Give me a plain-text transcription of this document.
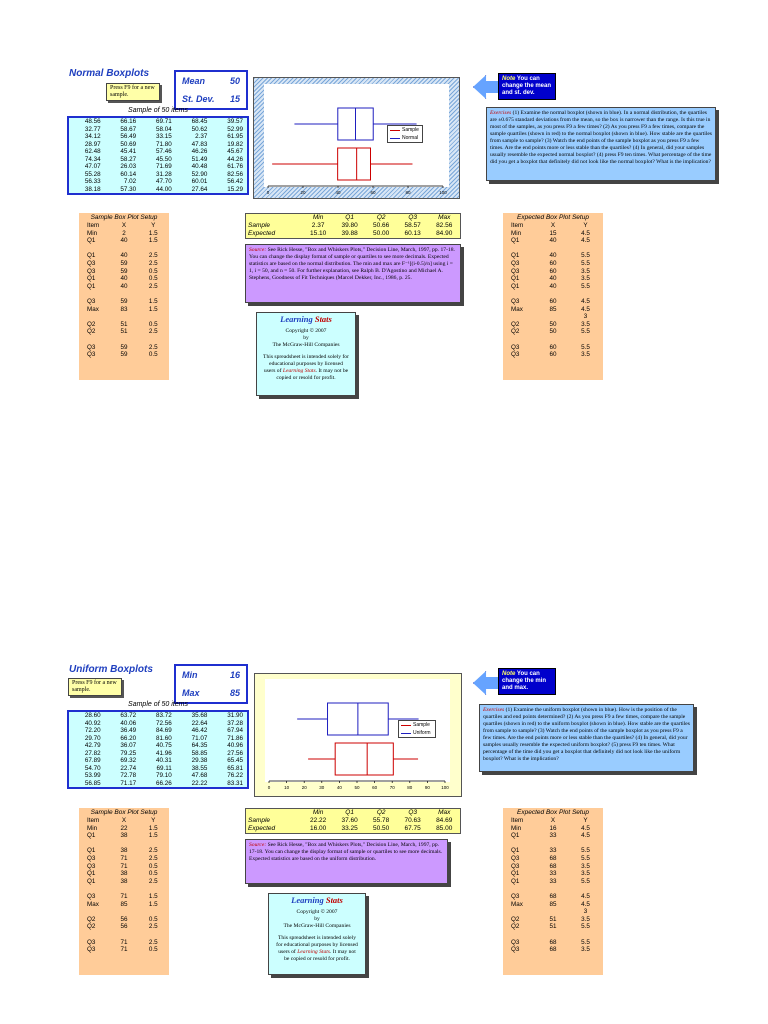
Normal Boxplots
Press F9 for a new sample.
Mean	50
St. Dev. 15
Sample of 50 items
48.56	66.16	69.71	68.45	39.57
32.77	58.67	58.04	50.62	52.99
34.12	56.49	33.15	2.37	61.95
28.97	50.69	71.80	47.83	19.82
62.48	45.41	57.46	46.26	45.67
74.34	58.27	45.50	51.49	44.26
47.07	26.03	71.69	40.48	61.76
55.28	60.14	31.28	52.90	82.56
56.33	7.02	47.70	60.01	56.42
38.18	57.30	44.00	27.64	15.29	0	20	40	60	80	100
Sample
Normal
Note You can change the mean and st. dev.
Exercises (1) Examine the normal boxplot (shown in blue). In a normal distribution, the quartiles are ±0.675 standard deviations from the mean, so the box is narrower than the range. Is this true in most of the samples, as you press F9 a few times? (2) As you press F9 a few times, compare the sample quartiles (shown in red) to the normal boxplot (shown in blue). How stable are the quartiles from sample to sample? (3) Watch the end points of the sample boxplot as you press F9 a few times. Are the end points more or less stable than the quartiles? (4) In general, did your samples usually resemble the expected normal boxplot? (4) press F9 ten times. What percentage of the time did you get a boxplot that definitely did not look like the normal boxplot? What is the implication?
Sample Box Plot Setup
Item	X	Y
Min	2	1.5
Q1	40	1.5

Q1	40	2.5
Q3	59	2.5
Q3	59	0.5
Q1	40	0.5
Q1	40	2.5

Q3	59	1.5
Max	83	1.5

Q2	51	0.5
Q2	51	2.5

Q3	59	2.5
Q3	59	0.5
Expected Box Plot Setup
Item	X	Y
Min	15	4.5
Q1	40	4.5

Q1	40	5.5
Q3	60	5.5
Q3	60	3.5
Q1	40	3.5
Q1	40	5.5

Q3	60	4.5
Max	85	4.5
		3
Q2	50	3.5
Q2	50	5.5

Q3	60	5.5
Q3	60	3.5
	Min	Q1	Q2	Q3	Max
Sample	2.37	39.80	50.66	58.57	82.56
Expected	15.10	39.88	50.00	60.13	84.90
Source: See Rick Hesse, "Box and Whiskers Plots," Decision Line, March, 1997, pp. 17-18. You can change the display format of sample or quartiles to see more decimals. Expected statistics are based on the normal distribution. The min and max are F⁻¹[(i-0.5)/n] using i = 1, i = 50, and n = 50. For further explanation, see Ralph B. D'Agostino and Michael A. Stephens, Goodness of Fit Techniques (Marcel Dekker, Inc., 1986, p. 25.
Learning Stats
Copyright © 2007
by
The McGraw-Hill Companies
This spreadsheet is intended solely for educational purposes by licensed users of Learning Stats. It may not be copied or resold for profit.
Uniform Boxplots
Press F9 for a new sample.
Min	16
Max	85
Sample of 50 items
28.60	63.72	83.72	35.68	31.90
40.92	40.06	72.56	22.64	37.28
72.20	36.49	84.69	46.42	67.94
29.70	66.20	81.60	71.07	71.86
42.79	36.07	40.75	64.35	40.96
27.82	79.25	41.96	58.85	27.56
67.89	69.32	40.31	29.38	65.45
54.70	22.74	69.11	38.55	65.81
53.99	72.78	79.10	47.68	76.22
56.85	71.17	66.26	22.22	83.31
0	10	20	30	40	50	60	70	80	90	100
Sample
Uniform
Note You can change the min and max.
Exercises (1) Examine the uniform boxplot (shown in blue). How is the position of the quartiles and end points determined? (2) As you press F9 a few times, compare the sample quartiles (shown in red) to the uniform boxplot (shown in blue). How stable are the quartiles from sample to sample? (3) Watch the end points of the sample boxplot as you press F9 a few times. Are the end points more or less stable than the quartiles? (4) In general, did your samples usually resemble the expected uniform boxplot? (5) press F9 ten times. What percentage of the time did you get a boxplot that definitely did not look like the uniform boxplot? What is the implication?
Sample Box Plot Setup
Item	X	Y
Min	22	1.5
Q1	38	1.5

Q1	38	2.5
Q3	71	2.5
Q3	71	0.5
Q1	38	0.5
Q1	38	2.5

Q3	71	1.5
Max	85	1.5

Q2	56	0.5
Q2	56	2.5

Q3	71	2.5
Q3	71	0.5
Expected Box Plot Setup
Item	X	Y
Min	16	4.5
Q1	33	4.5

Q1	33	5.5
Q3	68	5.5
Q3	68	3.5
Q1	33	3.5
Q1	33	5.5

Q3	68	4.5
Max	85	4.5
		3
Q2	51	3.5
Q2	51	5.5

Q3	68	5.5
Q3	68	3.5
	Min	Q1	Q2	Q3	Max
Sample	22.22	37.60	55.78	70.63	84.69
Expected	16.00	33.25	50.50	67.75	85.00
Source: See Rick Hesse, "Box and Whiskers Plots," Decision Line, March, 1997, pp. 17-18. You can change the display format of sample or quartiles to see more decimals. Expected statistics are based on the uniform distribution.
Learning Stats
Copyright © 2007
by
The McGraw-Hill Companies
This spreadsheet is intended solely for educational purposes by licensed users of Learning Stats. It may not be copied or resold for profit.
